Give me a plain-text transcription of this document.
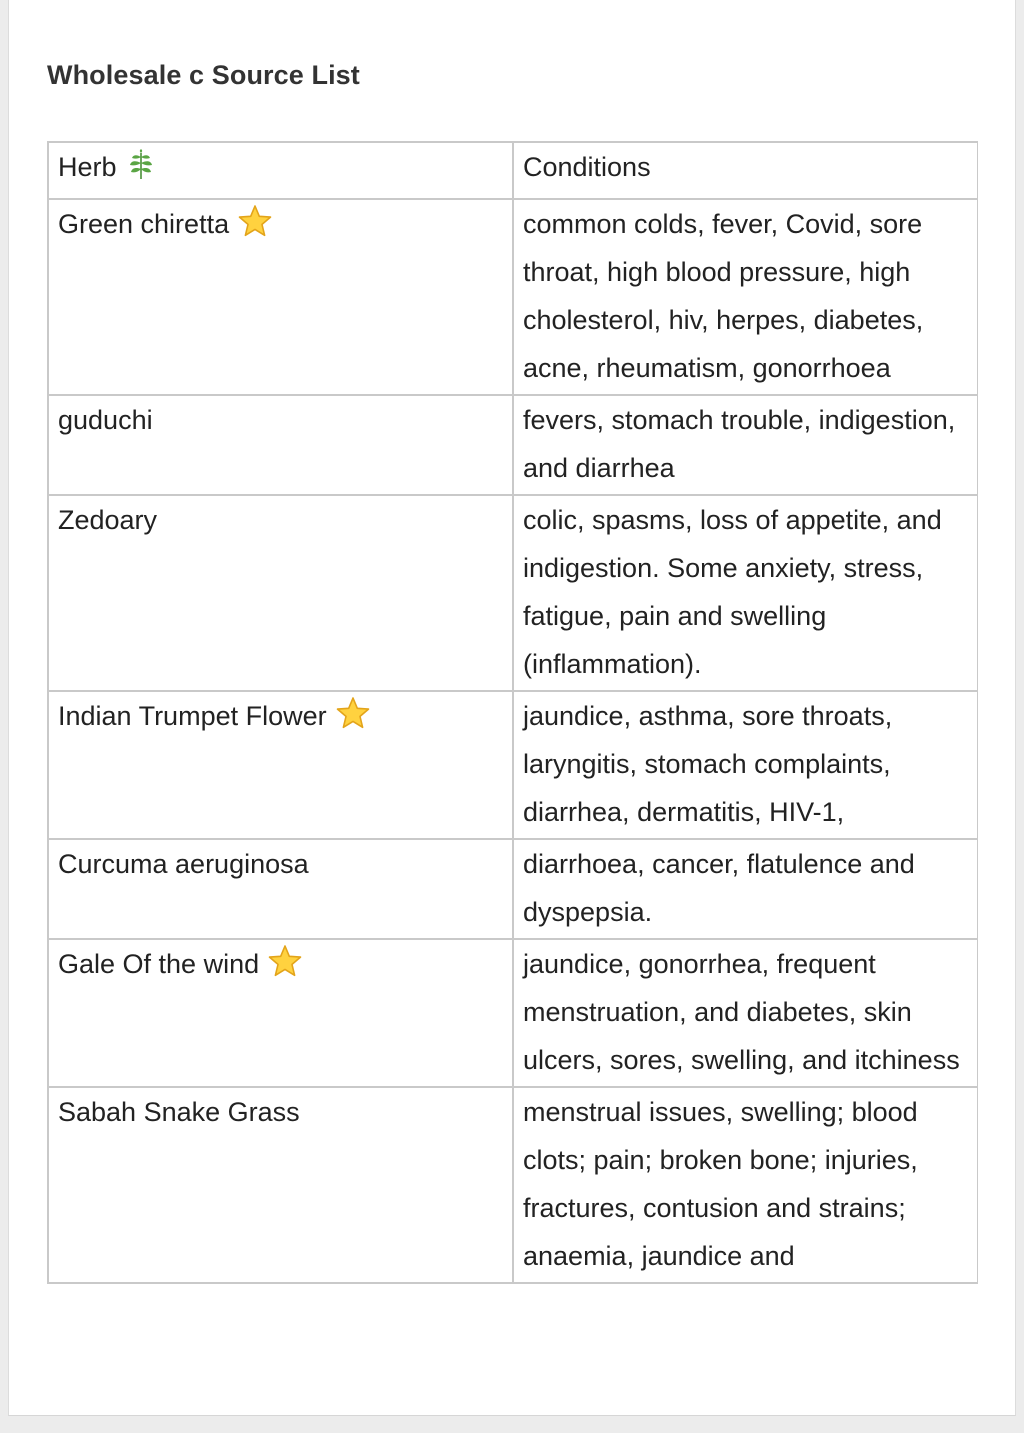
Wholesale c Source List
Herb	Conditions
Green chiretta	common colds, fever, Covid, sore throat, high blood pressure, high cholesterol, hiv, herpes, diabetes, acne, rheumatism, gonorrhoea
guduchi	fevers, stomach trouble, indigestion, and diarrhea
Zedoary	colic, spasms, loss of appetite, and indigestion. Some anxiety, stress, fatigue, pain and swelling (inflammation).
Indian Trumpet Flower	jaundice, asthma, sore throats, laryngitis, stomach complaints, diarrhea, dermatitis, HIV-1,
Curcuma aeruginosa	diarrhoea, cancer, flatulence and dyspepsia.
Gale Of the wind	jaundice, gonorrhea, frequent menstruation, and diabetes, skin ulcers, sores, swelling, and itchiness
Sabah Snake Grass	menstrual issues, swelling; blood clots; pain; broken bone; injuries, fractures, contusion and strains; anaemia, jaundice and
